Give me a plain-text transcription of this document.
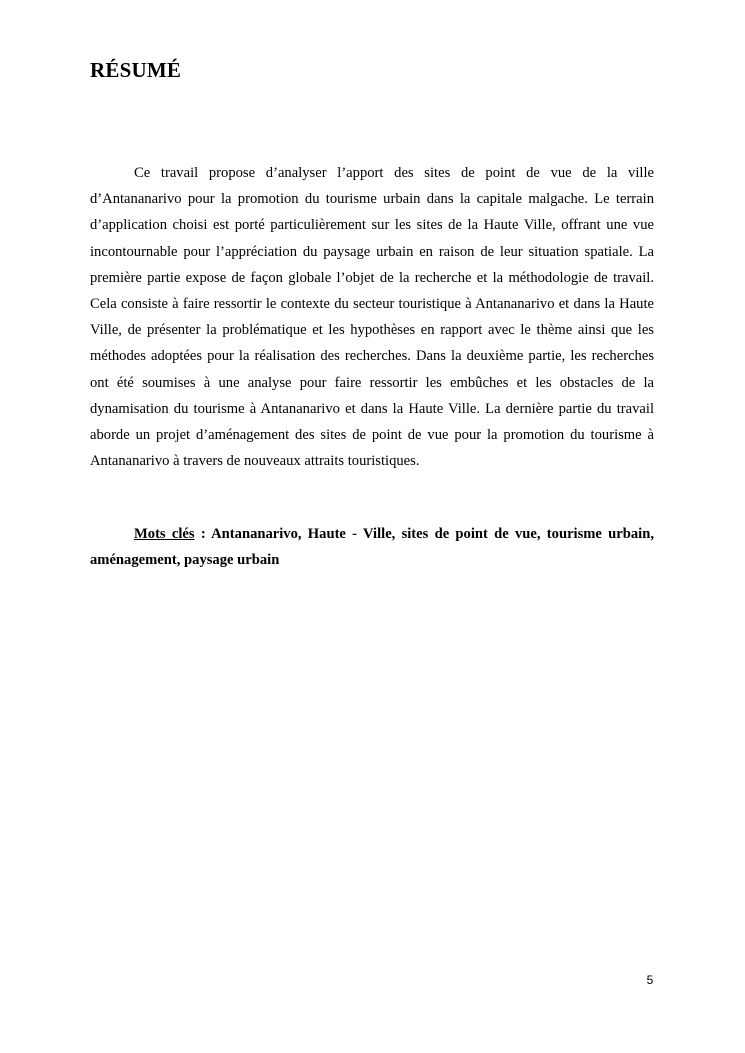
RÉSUMÉ

Ce travail propose d’analyser l’apport des sites de point de vue de la ville d’Antananarivo pour la promotion du tourisme urbain dans la capitale malgache. Le terrain d’application choisi est porté particulièrement sur les sites de la Haute Ville, offrant une vue incontournable pour l’appréciation du paysage urbain en raison de leur situation spatiale. La première partie expose de façon globale l’objet de la recherche et la méthodologie de travail. Cela consiste à faire ressortir le contexte du secteur touristique à Antananarivo et dans la Haute Ville, de présenter la problématique et les hypothèses en rapport avec le thème ainsi que les méthodes adoptées pour la réalisation des recherches. Dans la deuxième partie, les recherches ont été soumises à une analyse pour faire ressortir les embûches et les obstacles de la dynamisation du tourisme à Antananarivo et dans la Haute Ville. La dernière partie du travail aborde un projet d’aménagement des sites de point de vue pour la promotion du tourisme à Antananarivo à travers de nouveaux attraits touristiques.

Mots clés : Antananarivo, Haute - Ville, sites de point de vue, tourisme urbain, aménagement, paysage urbain

5
